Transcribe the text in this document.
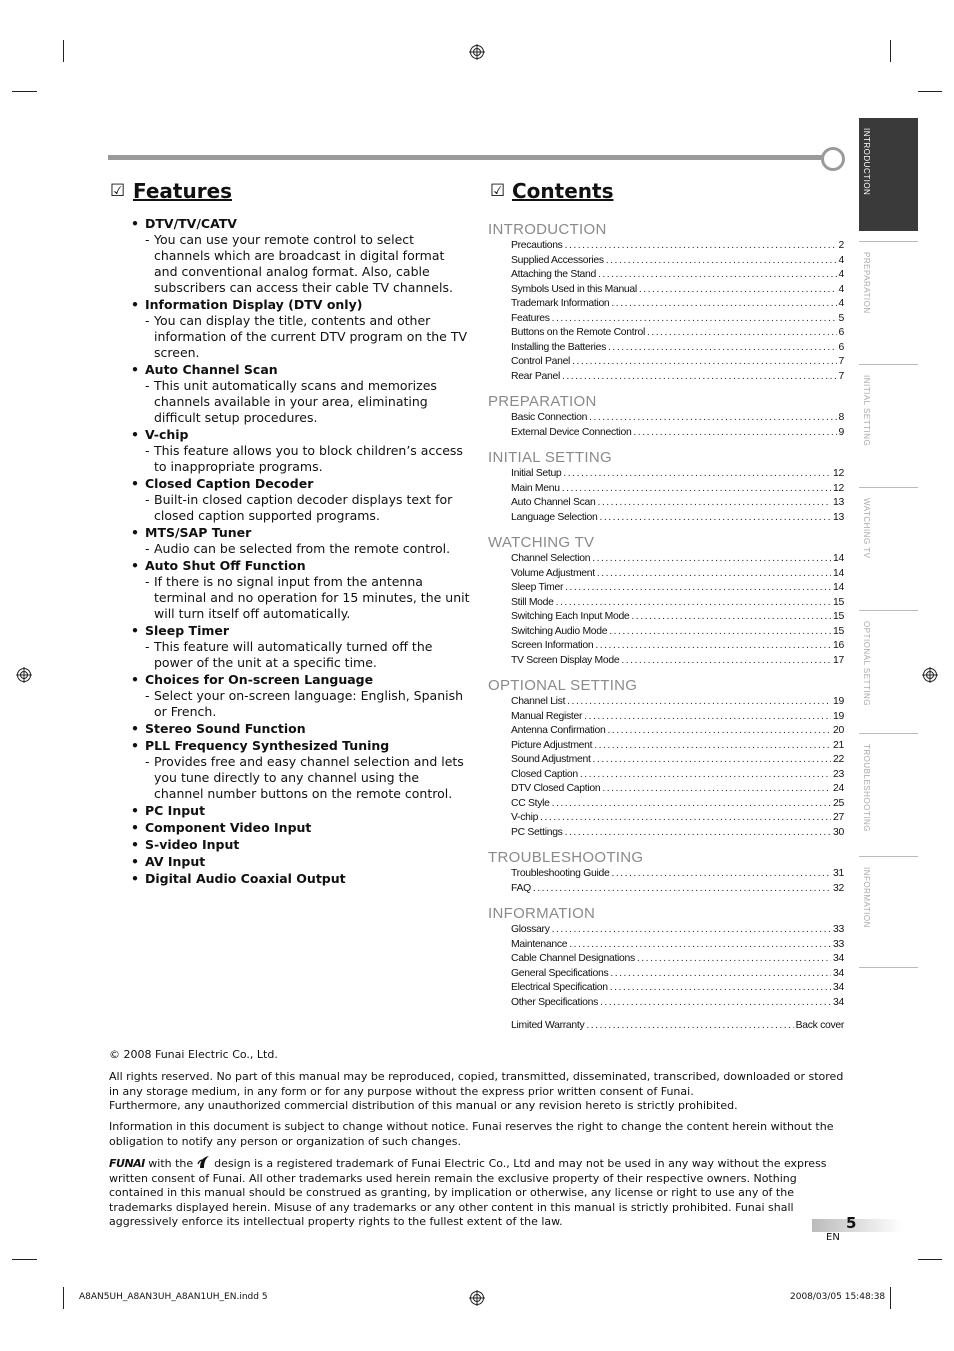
INTRODUCTION
PREPARATION
INITIAL SETTING
WATCHING TV
OPTIONAL SETTING
TROUBLESHOOTING
INFORMATION
☑ Features
• DTV/TV/CATV
- You can use your remote control to select channels which are broadcast in digital format and conventional analog format. Also, cable subscribers can access their cable TV channels.
• Information Display (DTV only)
- You can display the title, contents and other information of the current DTV program on the TV screen.
• Auto Channel Scan
- This unit automatically scans and memorizes channels available in your area, eliminating difficult setup procedures.
• V-chip
- This feature allows you to block children’s access to inappropriate programs.
• Closed Caption Decoder
- Built-in closed caption decoder displays text for closed caption supported programs.
• MTS/SAP Tuner
- Audio can be selected from the remote control.
• Auto Shut Off Function
- If there is no signal input from the antenna terminal and no operation for 15 minutes, the unit will turn itself off automatically.
• Sleep Timer
- This feature will automatically turned off the power of the unit at a specific time.
• Choices for On-screen Language
- Select your on-screen language: English, Spanish or French.
• Stereo Sound Function
• PLL Frequency Synthesized Tuning
- Provides free and easy channel selection and lets you tune directly to any channel using the channel number buttons on the remote control.
• PC Input
• Component Video Input
• S-video Input
• AV Input
• Digital Audio Coaxial Output
☑ Contents
INTRODUCTION
Precautions .....	2
Supplied Accessories .....	4
Attaching the Stand .....	4
Symbols Used in this Manual .....	4
Trademark Information .....	4
Features .....	5
Buttons on the Remote Control .....	6
Installing the Batteries .....	6
Control Panel .....	7
Rear Panel .....	7
PREPARATION
Basic Connection .....	8
External Device Connection .....	9
INITIAL SETTING
Initial Setup .....	12
Main Menu .....	12
Auto Channel Scan .....	13
Language Selection .....	13
WATCHING TV
Channel Selection .....	14
Volume Adjustment .....	14
Sleep Timer .....	14
Still Mode .....	15
Switching Each Input Mode .....	15
Switching Audio Mode .....	15
Screen Information .....	16
TV Screen Display Mode .....	17
OPTIONAL SETTING
Channel List .....	19
Manual Register .....	19
Antenna Confirmation .....	20
Picture Adjustment .....	21
Sound Adjustment .....	22
Closed Caption .....	23
DTV Closed Caption .....	24
CC Style .....	25
V-chip .....	27
PC Settings .....	30
TROUBLESHOOTING
Troubleshooting Guide .....	31
FAQ .....	32
INFORMATION
Glossary .....	33
Maintenance .....	33
Cable Channel Designations .....	34
General Specifications .....	34
Electrical Specification .....	34
Other Specifications .....	34
Limited Warranty .....	Back cover
© 2008 Funai Electric Co., Ltd.
All rights reserved. No part of this manual may be reproduced, copied, transmitted, disseminated, transcribed, downloaded or stored in any storage medium, in any form or for any purpose without the express prior written consent of Funai.
Furthermore, any unauthorized commercial distribution of this manual or any revision hereto is strictly prohibited.
Information in this document is subject to change without notice. Funai reserves the right to change the content herein without the obligation to notify any person or organization of such changes.
FUNAI with the design is a registered trademark of Funai Electric Co., Ltd and may not be used in any way without the express written consent of Funai. All other trademarks used herein remain the exclusive property of their respective owners. Nothing contained in this manual should be construed as granting, by implication or otherwise, any license or right to use any of the trademarks displayed herein. Misuse of any trademarks or any other content in this manual is strictly prohibited. Funai shall aggressively enforce its intellectual property rights to the fullest extent of the law.	5
EN
A8AN5UH_A8AN3UH_A8AN1UH_EN.indd 5	2008/03/05 15:48:38
